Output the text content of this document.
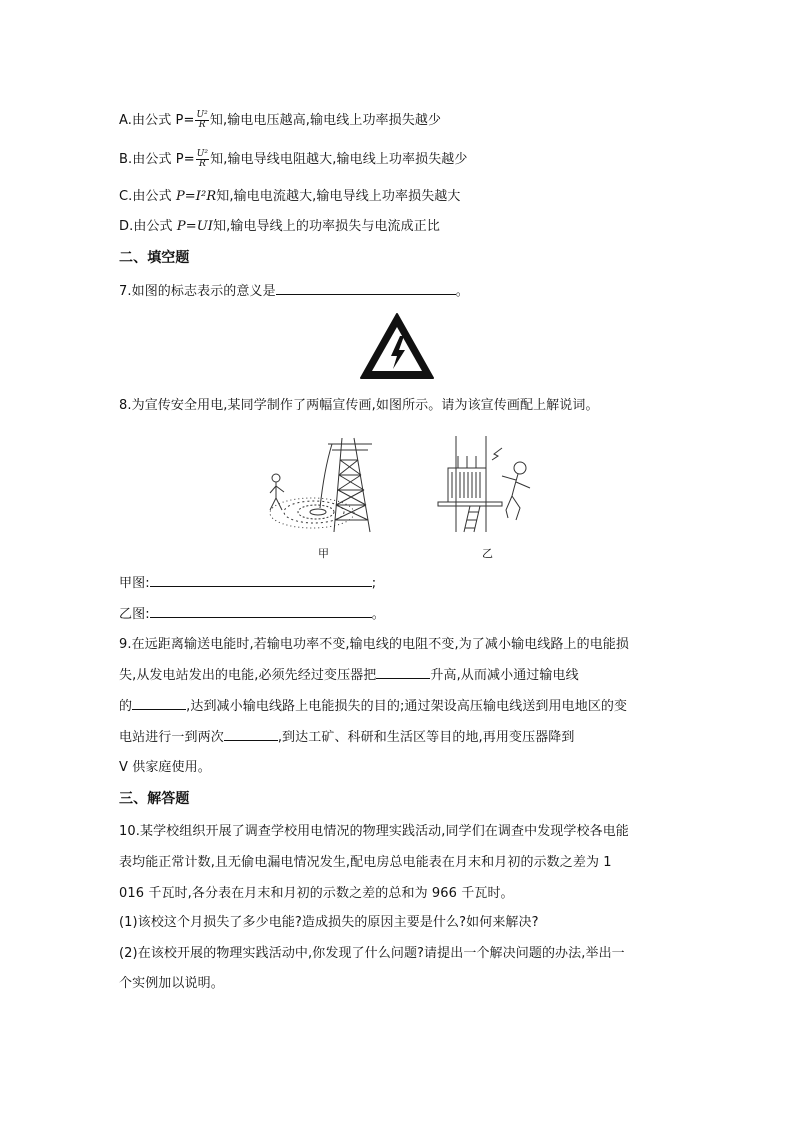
A.由公式 $P= \frac{\text{U²}}{R}$ 知,输电电压越高,输电线上功率损失越少
B.由公式 $P= \frac{\text{U²}}{R}$ 知,输电导线电阻越大,输电线上功率损失越少
C.由公式 P=I²R知,输电电流越大,输电导线上功率损失越大
D.由公式 P=UI知,输电导线上的功率损失与电流成正比
二、填空题
7.如图的标志表示的意义是	。
8.为宣传安全用电,某同学制作了两幅宣传画,如图所示。请为该宣传画配上解说词。
甲	乙
甲图:	;
乙图:	。
9.在远距离输送电能时,若输电功率不变,输电线的电阻不变,为了减小输电线路上的电能损
失,从发电站发出的电能,必须先经过变压器把	升高,从而减小通过输电线
的	,达到减小输电线路上电能损失的目的;通过架设高压输电线送到用电地区的变
电站进行一到两次	,到达工矿、科研和生活区等目的地,再用变压器降到
V 供家庭使用。
三、解答题
10.某学校组织开展了调查学校用电情况的物理实践活动,同学们在调查中发现学校各电能
表均能正常计数,且无偷电漏电情况发生,配电房总电能表在月末和月初的示数之差为 1
016 千瓦时,各分表在月末和月初的示数之差的总和为 966 千瓦时。
(1)该校这个月损失了多少电能?造成损失的原因主要是什么?如何来解决?
(2)在该校开展的物理实践活动中,你发现了什么问题?请提出一个解决问题的办法,举出一
个实例加以说明。
